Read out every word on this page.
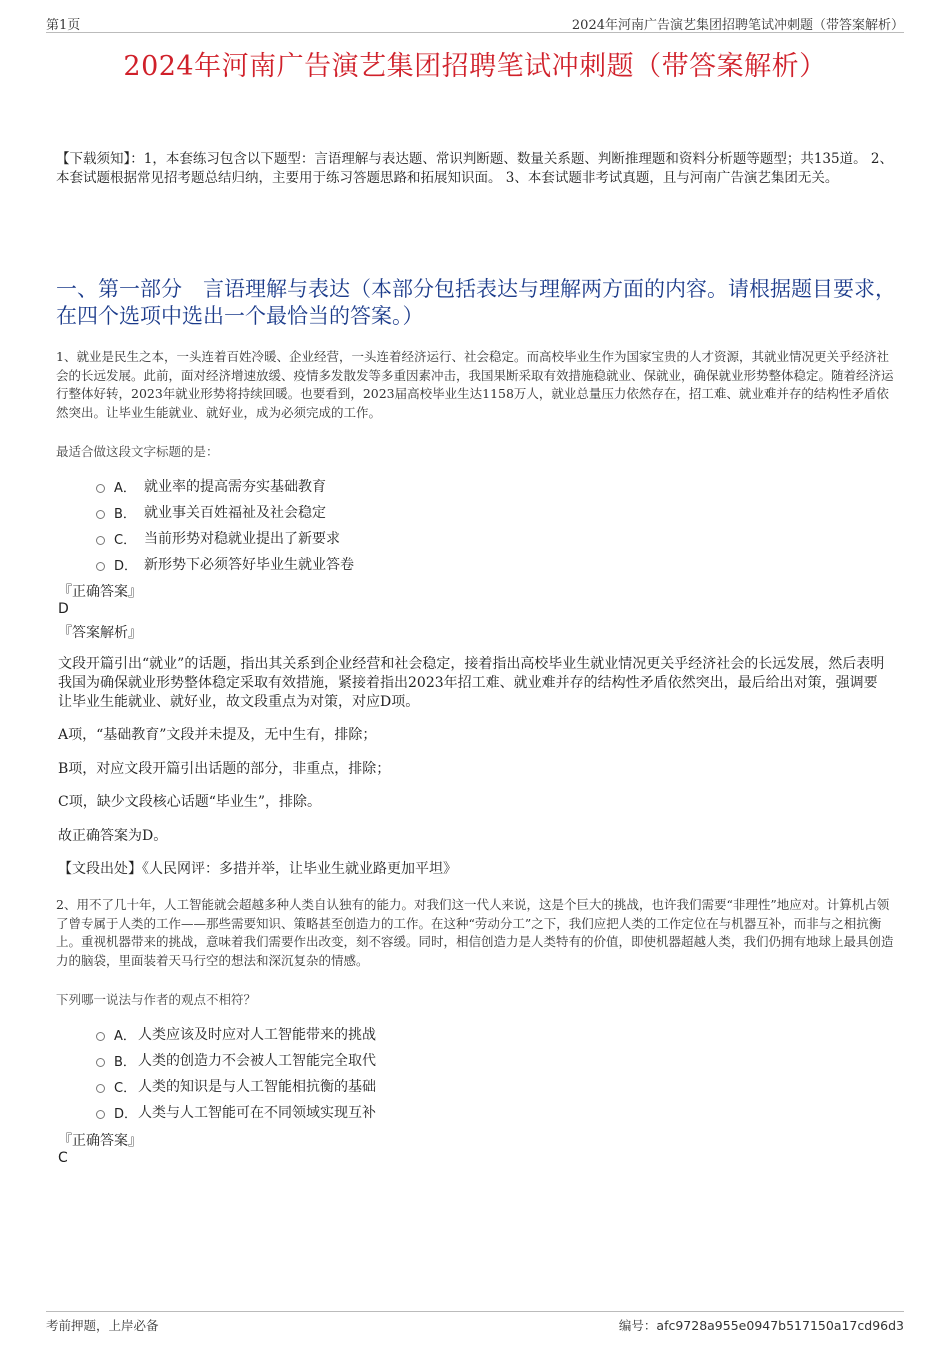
第1页	2024年河南广告演艺集团招聘笔试冲刺题（带答案解析）
2024年河南广告演艺集团招聘笔试冲刺题（带答案解析）
【下载须知】：1，本套练习包含以下题型：言语理解与表达题、常识判断题、数量关系题、判断推理题和资料分析题等题型；共135道。 2、本套试题根据常见招考题总结归纳，主要用于练习答题思路和拓展知识面。 3、本套试题非考试真题，且与河南广告演艺集团无关。
一、第一部分　言语理解与表达（本部分包括表达与理解两方面的内容。请根据题目要求，在四个选项中选出一个最恰当的答案。）
1、就业是民生之本，一头连着百姓冷暖、企业经营，一头连着经济运行、社会稳定。而高校毕业生作为国家宝贵的人才资源，其就业情况更关乎经济社会的长远发展。此前，面对经济增速放缓、疫情多发散发等多重因素冲击，我国果断采取有效措施稳就业、保就业，确保就业形势整体稳定。随着经济运行整体好转，2023年就业形势将持续回暖。也要看到，2023届高校毕业生达1158万人，就业总量压力依然存在，招工难、就业难并存的结构性矛盾依然突出。让毕业生能就业、就好业，成为必须完成的工作。
最适合做这段文字标题的是：
A． 就业率的提高需夯实基础教育
B． 就业事关百姓福祉及社会稳定
C． 当前形势对稳就业提出了新要求
D． 新形势下必须答好毕业生就业答卷
『正确答案』
D
『答案解析』
文段开篇引出“就业”的话题，指出其关系到企业经营和社会稳定，接着指出高校毕业生就业情况更关乎经济社会的长远发展，然后表明我国为确保就业形势整体稳定采取有效措施，紧接着指出2023年招工难、就业难并存的结构性矛盾依然突出，最后给出对策，强调要让毕业生能就业、就好业，故文段重点为对策，对应D项。
A项，“基础教育”文段并未提及，无中生有，排除；
B项，对应文段开篇引出话题的部分，非重点，排除；
C项，缺少文段核心话题“毕业生”，排除。
故正确答案为D。
【文段出处】《人民网评：多措并举，让毕业生就业路更加平坦》
2、用不了几十年，人工智能就会超越多种人类自认独有的能力。对我们这一代人来说，这是个巨大的挑战，也许我们需要“非理性”地应对。计算机占领了曾专属于人类的工作——那些需要知识、策略甚至创造力的工作。在这种“劳动分工”之下，我们应把人类的工作定位在与机器互补，而非与之相抗衡上。重视机器带来的挑战，意味着我们需要作出改变，刻不容缓。同时，相信创造力是人类特有的价值，即使机器超越人类，我们仍拥有地球上最具创造力的脑袋，里面装着天马行空的想法和深沉复杂的情感。
下列哪一说法与作者的观点不相符？
A． 人类应该及时应对人工智能带来的挑战
B． 人类的创造力不会被人工智能完全取代
C． 人类的知识是与人工智能相抗衡的基础
D． 人类与人工智能可在不同领域实现互补
『正确答案』
C
考前押题，上岸必备	编号：afc9728a955e0947b517150a17cd96d3
